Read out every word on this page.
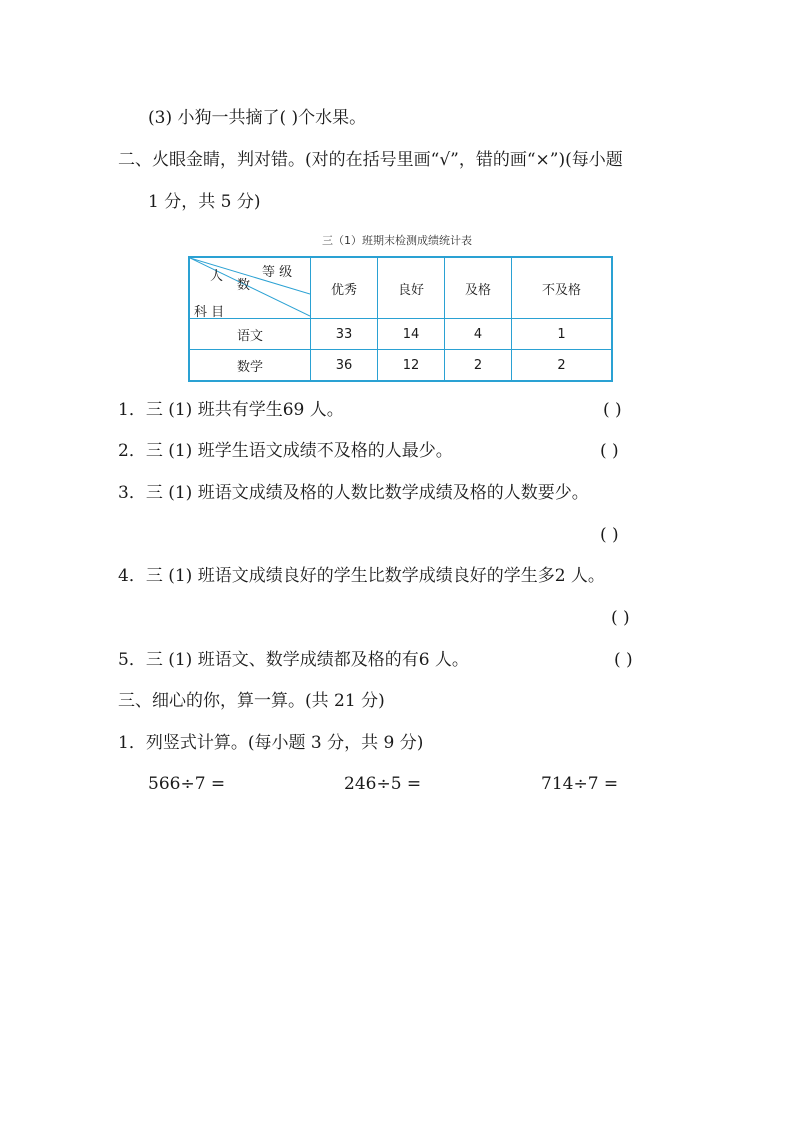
(3) 小狗一共摘了( )个水果。
二、火眼金睛，判对错。(对的在括号里画“√”，错的画“×”)(每小题
1 分，共 5 分)
三（1）班期末检测成绩统计表
等 级
人
数
科 目	优秀	良好	及格	不及格
语文	33	14	4	1
数学	36	12	2	2
1．三 (1) 班共有学生69 人。	( )
2．三 (1) 班学生语文成绩不及格的人最少。	( )
3．三 (1) 班语文成绩及格的人数比数学成绩及格的人数要少。
( )
4．三 (1) 班语文成绩良好的学生比数学成绩良好的学生多2 人。
( )
5．三 (1) 班语文、数学成绩都及格的有6 人。	( )
三、细心的你，算一算。(共 21 分)
1．列竖式计算。(每小题 3 分，共 9 分)
566÷7 =	246÷5 =	714÷7 =
